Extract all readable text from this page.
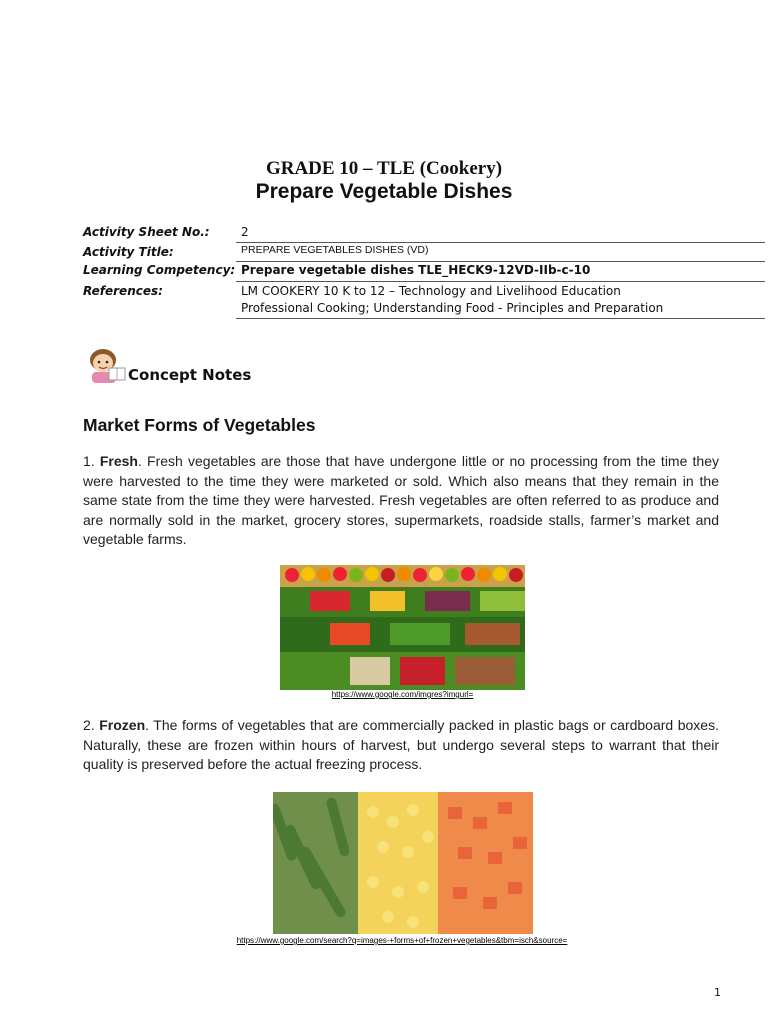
GRADE 10 – TLE (Cookery)
Prepare Vegetable Dishes
Activity Sheet No.:	2
Activity Title:	PREPARE VEGETABLES DISHES (VD)
Learning Competency: Prepare vegetable dishes TLE_HECK9-12VD-IIb-c-10
References:	LM COOKERY 10 K to 12 – Technology and Livelihood Education
Professional Cooking; Understanding Food - Principles and Preparation
Concept Notes
Market Forms of Vegetables
1. Fresh. Fresh vegetables are those that have undergone little or no processing from the time they were harvested to the time they were marketed or sold. Which also means that they remain in the same state from the time they were harvested. Fresh vegetables are often referred to as produce and are normally sold in the market, grocery stores, supermarkets, roadside stalls, farmer’s market and vegetable farms.
https://www.google.com/imgres?imgurl=
2. Frozen. The forms of vegetables that are commercially packed in plastic bags or cardboard boxes. Naturally, these are frozen within hours of harvest, but undergo several steps to warrant that their quality is preserved before the actual freezing process.
https://www.google.com/search?q=images-+forms+of+frozen+vegetables&tbm=isch&source=
1
